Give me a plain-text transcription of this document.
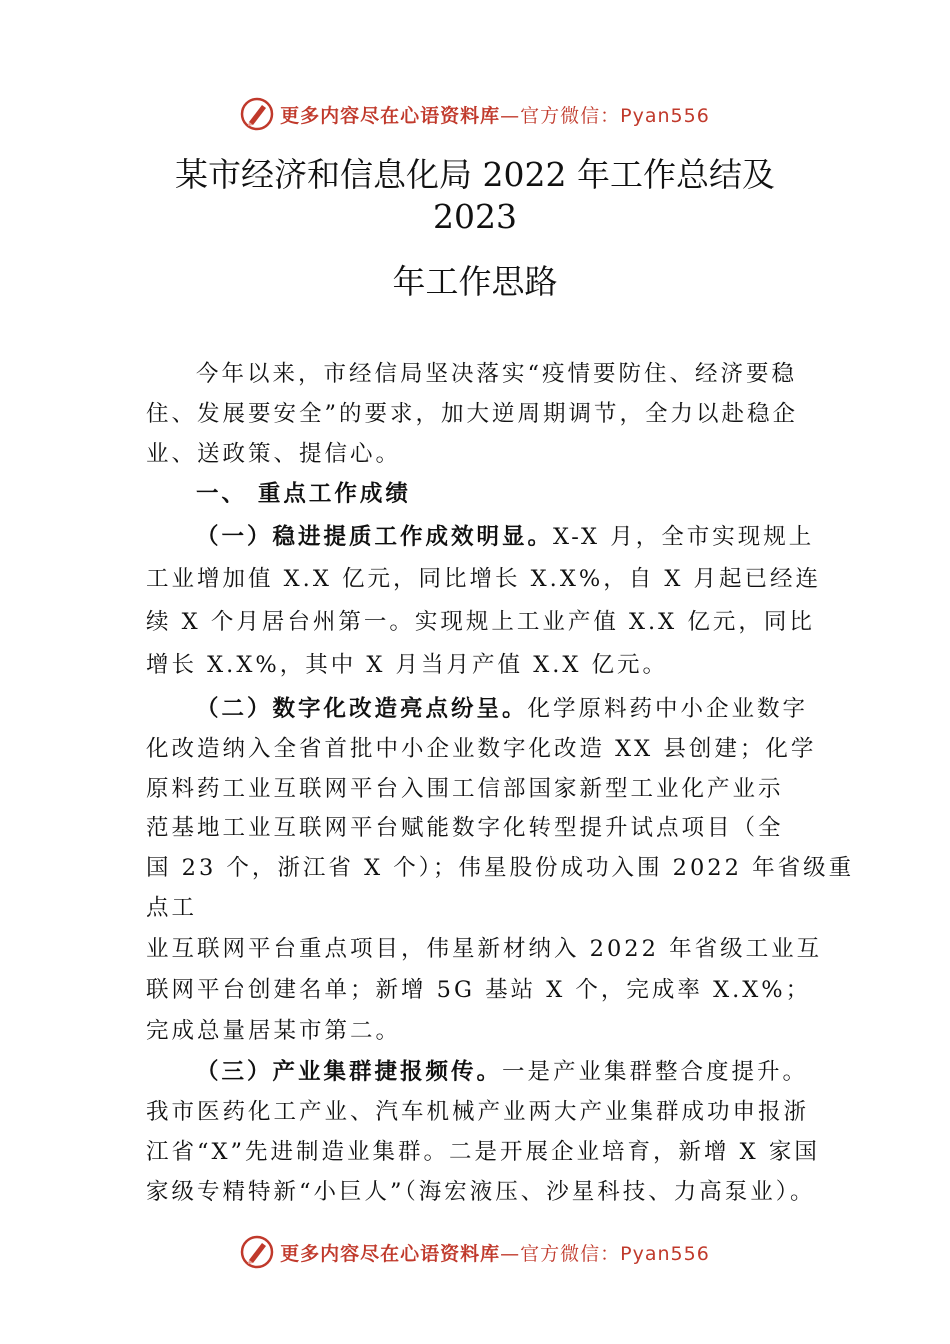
更多内容尽在心语资料库 —官方微信：Pyan556
某市经济和信息化局 2022 年工作总结及
2023
年工作思路
今年以来，市经信局坚决落实“疫情要防住、经济要稳
住、发展要安全”的要求，加大逆周期调节，全力以赴稳企
业、送政策、提信心。
一、 重点工作成绩
（一）稳进提质工作成效明显。X-X 月，全市实现规上
工业增加值 X.X 亿元，同比增长 X.X%，自 X 月起已经连
续 X 个月居台州第一。实现规上工业产值 X.X 亿元，同比
增长 X.X%，其中 X 月当月产值 X.X 亿元。
（二）数字化改造亮点纷呈。化学原料药中小企业数字
化改造纳入全省首批中小企业数字化改造 XX 县创建；化学
原料药工业互联网平台入围工信部国家新型工业化产业示
范基地工业互联网平台赋能数字化转型提升试点项目（全
国 23 个，浙江省 X 个）；伟星股份成功入围 2022 年省级重
点工
业互联网平台重点项目，伟星新材纳入 2022 年省级工业互
联网平台创建名单；新增 5G 基站 X 个，完成率 X.X%；
完成总量居某市第二。
（三）产业集群捷报频传。一是产业集群整合度提升。
我市医药化工产业、汽车机械产业两大产业集群成功申报浙
江省“X”先进制造业集群。二是开展企业培育，新增 X 家国
家级专精特新“小巨人”（海宏液压、沙星科技、力高泵业）。
更多内容尽在心语资料库 —官方微信：Pyan556
